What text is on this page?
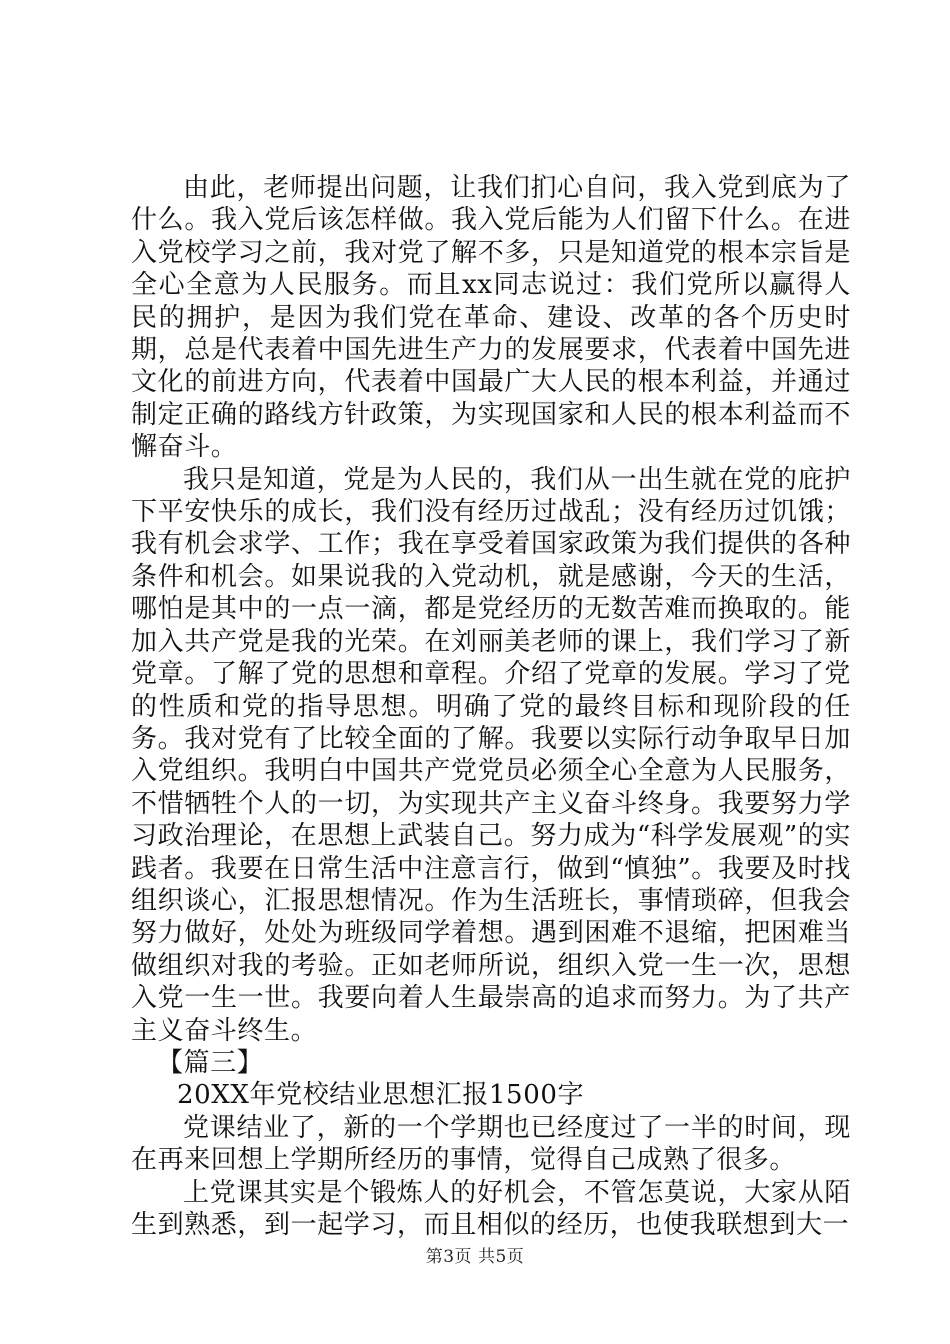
由此，老师提出问题，让我们扪心自问，我入党到底为了什么。我入党后该怎样做。我入党后能为人们留下什么。在进入党校学习之前，我对党了解不多，只是知道党的根本宗旨是全心全意为人民服务。而且xx同志说过：我们党所以赢得人民的拥护，是因为我们党在革命、建设、改革的各个历史时期，总是代表着中国先进生产力的发展要求，代表着中国先进文化的前进方向，代表着中国最广大人民的根本利益，并通过制定正确的路线方针政策，为实现国家和人民的根本利益而不懈奋斗。

我只是知道，党是为人民的，我们从一出生就在党的庇护下平安快乐的成长，我们没有经历过战乱；没有经历过饥饿；我有机会求学、工作；我在享受着国家政策为我们提供的各种条件和机会。如果说我的入党动机，就是感谢，今天的生活，哪怕是其中的一点一滴，都是党经历的无数苦难而换取的。能加入共产党是我的光荣。在刘丽美老师的课上，我们学习了新党章。了解了党的思想和章程。介绍了党章的发展。学习了党的性质和党的指导思想。明确了党的最终目标和现阶段的任务。我对党有了比较全面的了解。我要以实际行动争取早日加入党组织。我明白中国共产党党员必须全心全意为人民服务，不惜牺牲个人的一切，为实现共产主义奋斗终身。我要努力学习政治理论，在思想上武装自己。努力成为“科学发展观”的实践者。我要在日常生活中注意言行，做到“慎独”。我要及时找组织谈心，汇报思想情况。作为生活班长，事情琐碎，但我会努力做好，处处为班级同学着想。遇到困难不退缩，把困难当做组织对我的考验。正如老师所说，组织入党一生一次，思想入党一生一世。我要向着人生最崇高的追求而努力。为了共产主义奋斗终生。

【篇三】

20XX年党校结业思想汇报1500字

党课结业了，新的一个学期也已经度过了一半的时间，现在再来回想上学期所经历的事情，觉得自己成熟了很多。

上党课其实是个锻炼人的好机会，不管怎莫说，大家从陌生到熟悉，到一起学习，而且相似的经历，也使我联想到大一

第3页 共5页
